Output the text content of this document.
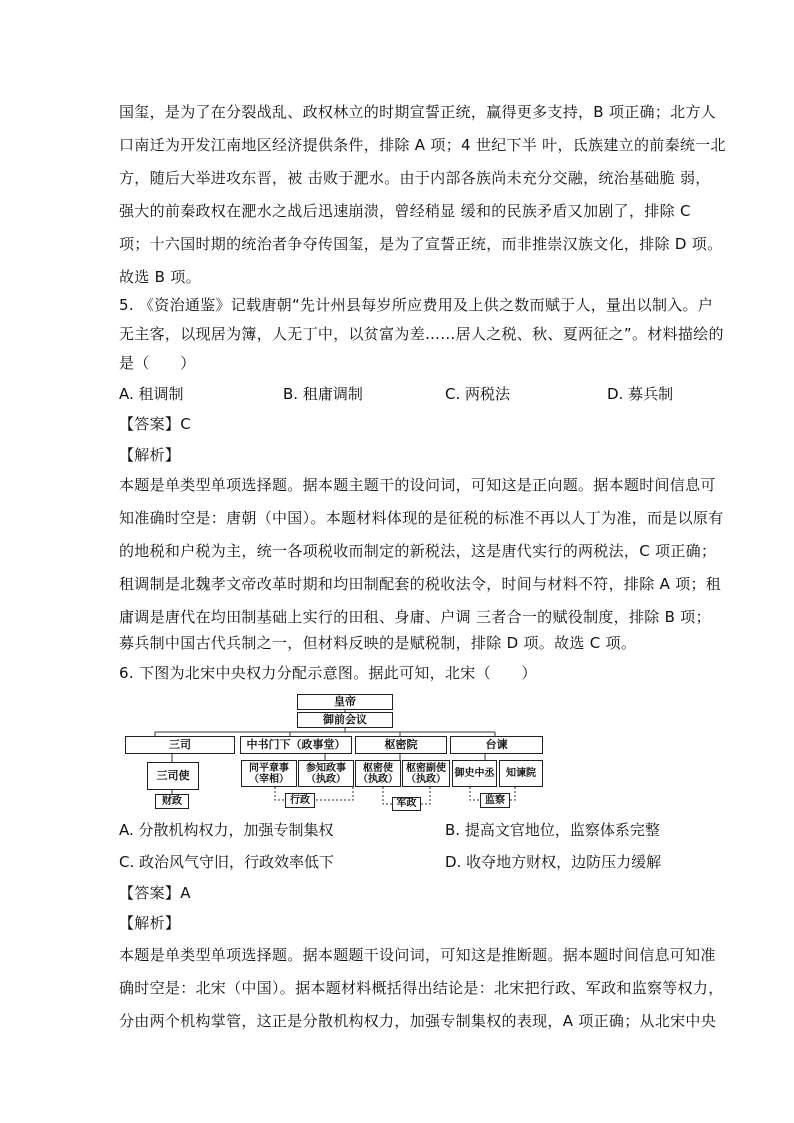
国玺，是为了在分裂战乱、政权林立的时期宣誓正统，赢得更多支持，B 项正确；北方人
口南迁为开发江南地区经济提供条件，排除 A 项；4 世纪下半 叶，氐族建立的前秦统一北
方，随后大举进攻东晋，被 击败于淝水。由于内部各族尚未充分交融，统治基础脆 弱，
强大的前秦政权在淝水之战后迅速崩溃，曾经稍显 缓和的民族矛盾又加剧了，排除 C
项；十六国时期的统治者争夺传国玺，是为了宣誓正统，而非推崇汉族文化，排除 D 项。
故选 B 项。
5. 《资治通鉴》记载唐朝“先计州县每岁所应费用及上供之数而赋于人，量出以制入。户
无主客，以现居为簿，人无丁中，以贫富为差……居人之税、秋、夏两征之”。材料描绘的
是（　　）
A. 租调制	B. 租庸调制	C. 两税法	D. 募兵制
【答案】C
【解析】
本题是单类型单项选择题。据本题主题干的设问词，可知这是正向题。据本题时间信息可
知准确时空是：唐朝（中国）。本题材料体现的是征税的标准不再以人丁为准，而是以原有
的地税和户税为主，统一各项税收而制定的新税法，这是唐代实行的两税法，C 项正确；
租调制是北魏孝文帝改革时期和均田制配套的税收法令，时间与材料不符，排除 A 项；租
庸调是唐代在均田制基础上实行的田租、身庸、户调 三者合一的赋役制度，排除 B 项；
募兵制中国古代兵制之一，但材料反映的是赋税制，排除 D 项。故选 C 项。
6. 下图为北宋中央权力分配示意图。据此可知，北宋（　　）
皇帝
御前会议
三司	中书门下（政事堂）	枢密院	台谏
三司使
同平章事
（宰相）
参知政事
（执政）
枢密使
（执政）
枢密副使
（执政） 御史中丞	知谏院
财政	行政	军政	监察
A. 分散机构权力，加强专制集权	B. 提高文官地位，监察体系完整
C. 政治风气守旧，行政效率低下	D. 收夺地方财权，边防压力缓解
【答案】A
【解析】
本题是单类型单项选择题。据本题题干设问词，可知这是推断题。据本题时间信息可知准
确时空是：北宋（中国）。据本题材料概括得出结论是：北宋把行政、军政和监察等权力，
分由两个机构掌管，这正是分散机构权力，加强专制集权的表现，A 项正确；从北宋中央
